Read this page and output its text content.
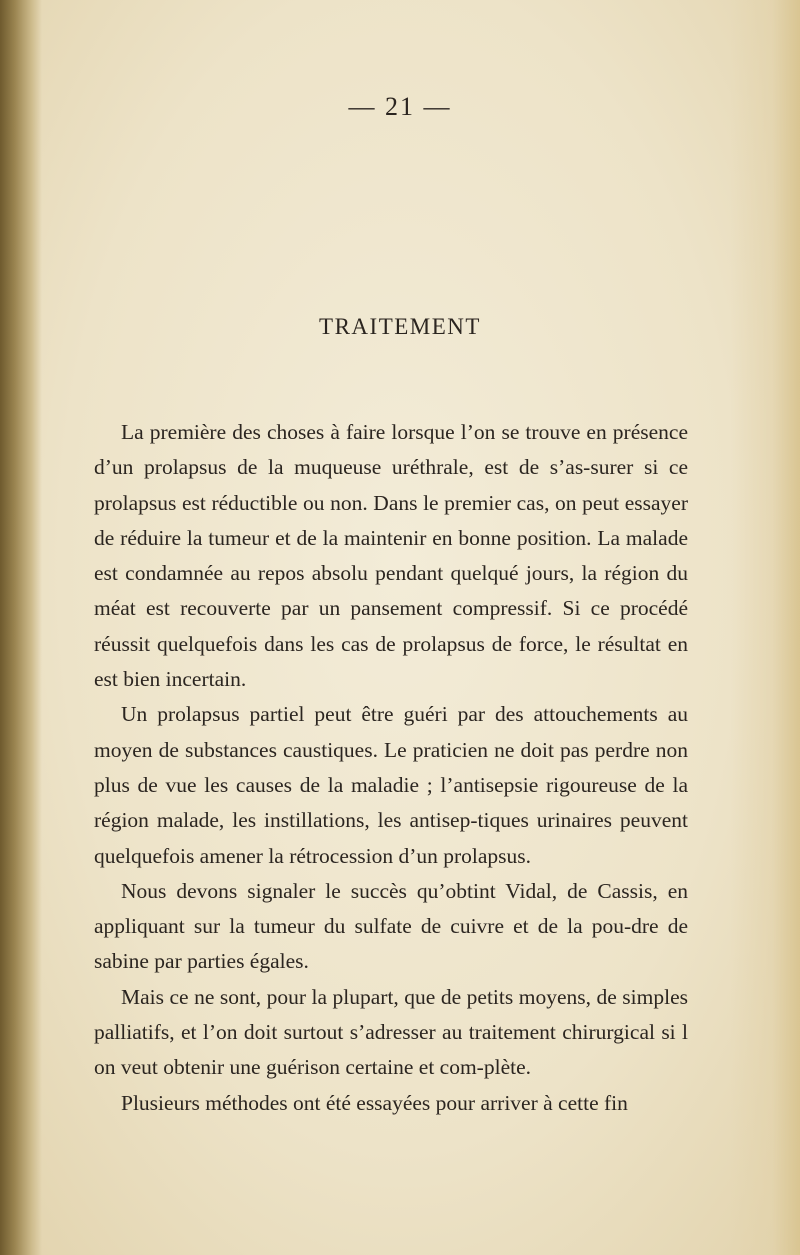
— 21 —
TRAITEMENT

La première des choses à faire lorsque l’on se trouve en présence d’un prolapsus de la muqueuse uréthrale, est de s’as-surer si ce prolapsus est réductible ou non. Dans le premier cas, on peut essayer de réduire la tumeur et de la maintenir en bonne position. La malade est condamnée au repos absolu pendant quelqué jours, la région du méat est recouverte par un pansement compressif. Si ce procédé réussit quelquefois dans les cas de prolapsus de force, le résultat en est bien incertain.

Un prolapsus partiel peut être guéri par des attouchements au moyen de substances caustiques. Le praticien ne doit pas perdre non plus de vue les causes de la maladie ; l’antisepsie rigoureuse de la région malade, les instillations, les antisep-tiques urinaires peuvent quelquefois amener la rétrocession d’un prolapsus.

Nous devons signaler le succès qu’obtint Vidal, de Cassis, en appliquant sur la tumeur du sulfate de cuivre et de la pou-dre de sabine par parties égales.

Mais ce ne sont, pour la plupart, que de petits moyens, de simples palliatifs, et l’on doit surtout s’adresser au traitement chirurgical si l on veut obtenir une guérison certaine et com-plète.

Plusieurs méthodes ont été essayées pour arriver à cette fin
